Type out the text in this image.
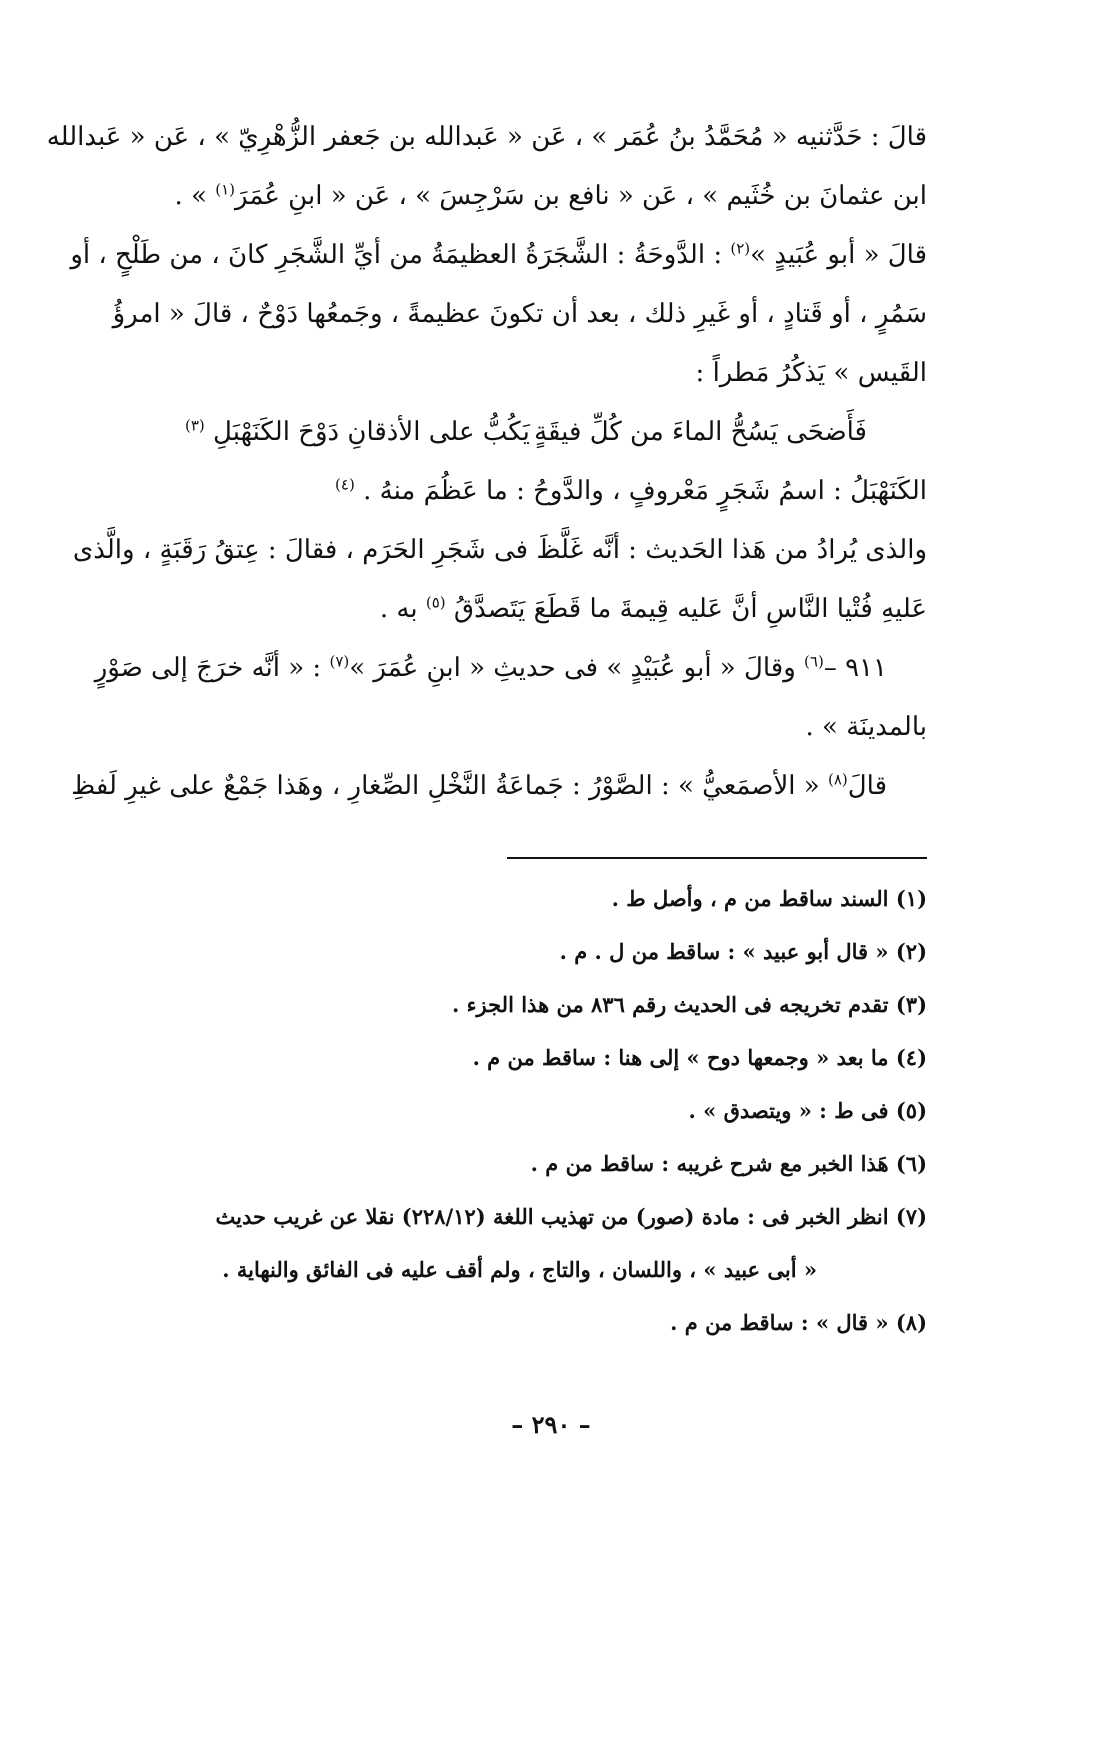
قالَ : حَدَّثنيه « مُحَمَّدُ بنُ عُمَر » ، عَن « عَبدالله بن جَعفر الزُّهْرِيّ » ، عَن « عَبدالله

ابن عثمانَ بن خُثَيم » ، عَن « نافع بن سَرْجِسَ » ، عَن « ابنِ عُمَرَ$^{(١)}$ » .

قالَ « أبو عُبَيدٍ »$^{(٢)}$ : الدَّوحَةُ : الشَّجَرَةُ العظيمَةُ من أيِّ الشَّجَرِ كانَ ، من طَلْحٍ ، أو

سَمُرٍ ، أو قَتادٍ ، أو غَيرِ ذلك ، بعد أن تكونَ عظيمةً ، وجَمعُها دَوْحٌ ، قالَ « امرؤُ

القَيس » يَذكُرُ مَطراً :

فَأَضحَى يَسُحُّ الماءَ من كُلِّ فيقَةٍ
يَكُبُّ على الأذقانِ دَوْحَ الكَنَهْبَلِ $^{(٣)}$

الكَنَهْبَلُ : اسمُ شَجَرٍ مَعْروفٍ ، والدَّوحُ : ما عَظُمَ منهُ . $^{(٤)}$

والذى يُرادُ من هَذا الحَديث : أنَّه غَلَّظَ فى شَجَرِ الحَرَم ، فقالَ : عِتقُ رَقَبَةٍ ، والَّذى

عَليهِ فُتْيا النَّاسِ أنَّ عَليه قِيمةَ ما قَطَعَ يَتَصدَّقُ $^{(٥)}$ به .

٩١١ –$^{(٦)}$ وقالَ « أبو عُبَيْدٍ » فى حديثِ « ابنِ عُمَرَ »$^{(٧)}$ : « أنَّه خرَجَ إلى صَوْرٍ

بالمدينَة » .

قالَ$^{(٨)}$ « الأصمَعيُّ » : الصَّوْرُ : جَماعَةُ النَّخْلِ الصِّغارِ ، وهَذا جَمْعٌ على غيرِ لَفظِ

(١) السند ساقط من م ، وأصل ط .

(٢) « قال أبو عبيد » : ساقط من ل . م .

(٣) تقدم تخريجه فى الحديث رقم ٨٣٦ من هذا الجزء .

(٤) ما بعد « وجمعها دوح » إلى هنا : ساقط من م .

(٥) فى ط : « ويتصدق » .

(٦) هَذا الخبر مع شرح غريبه : ساقط من م .

(٧) انظر الخبر فى : مادة (صور) من تهذيب اللغة (٢٢٨/١٢) نقلا عن غريب حديث

« أبى عبيد » ، واللسان ، والتاج ، ولم أقف عليه فى الفائق والنهاية .

(٨) « قال » : ساقط من م .

– ٢٩٠ –
